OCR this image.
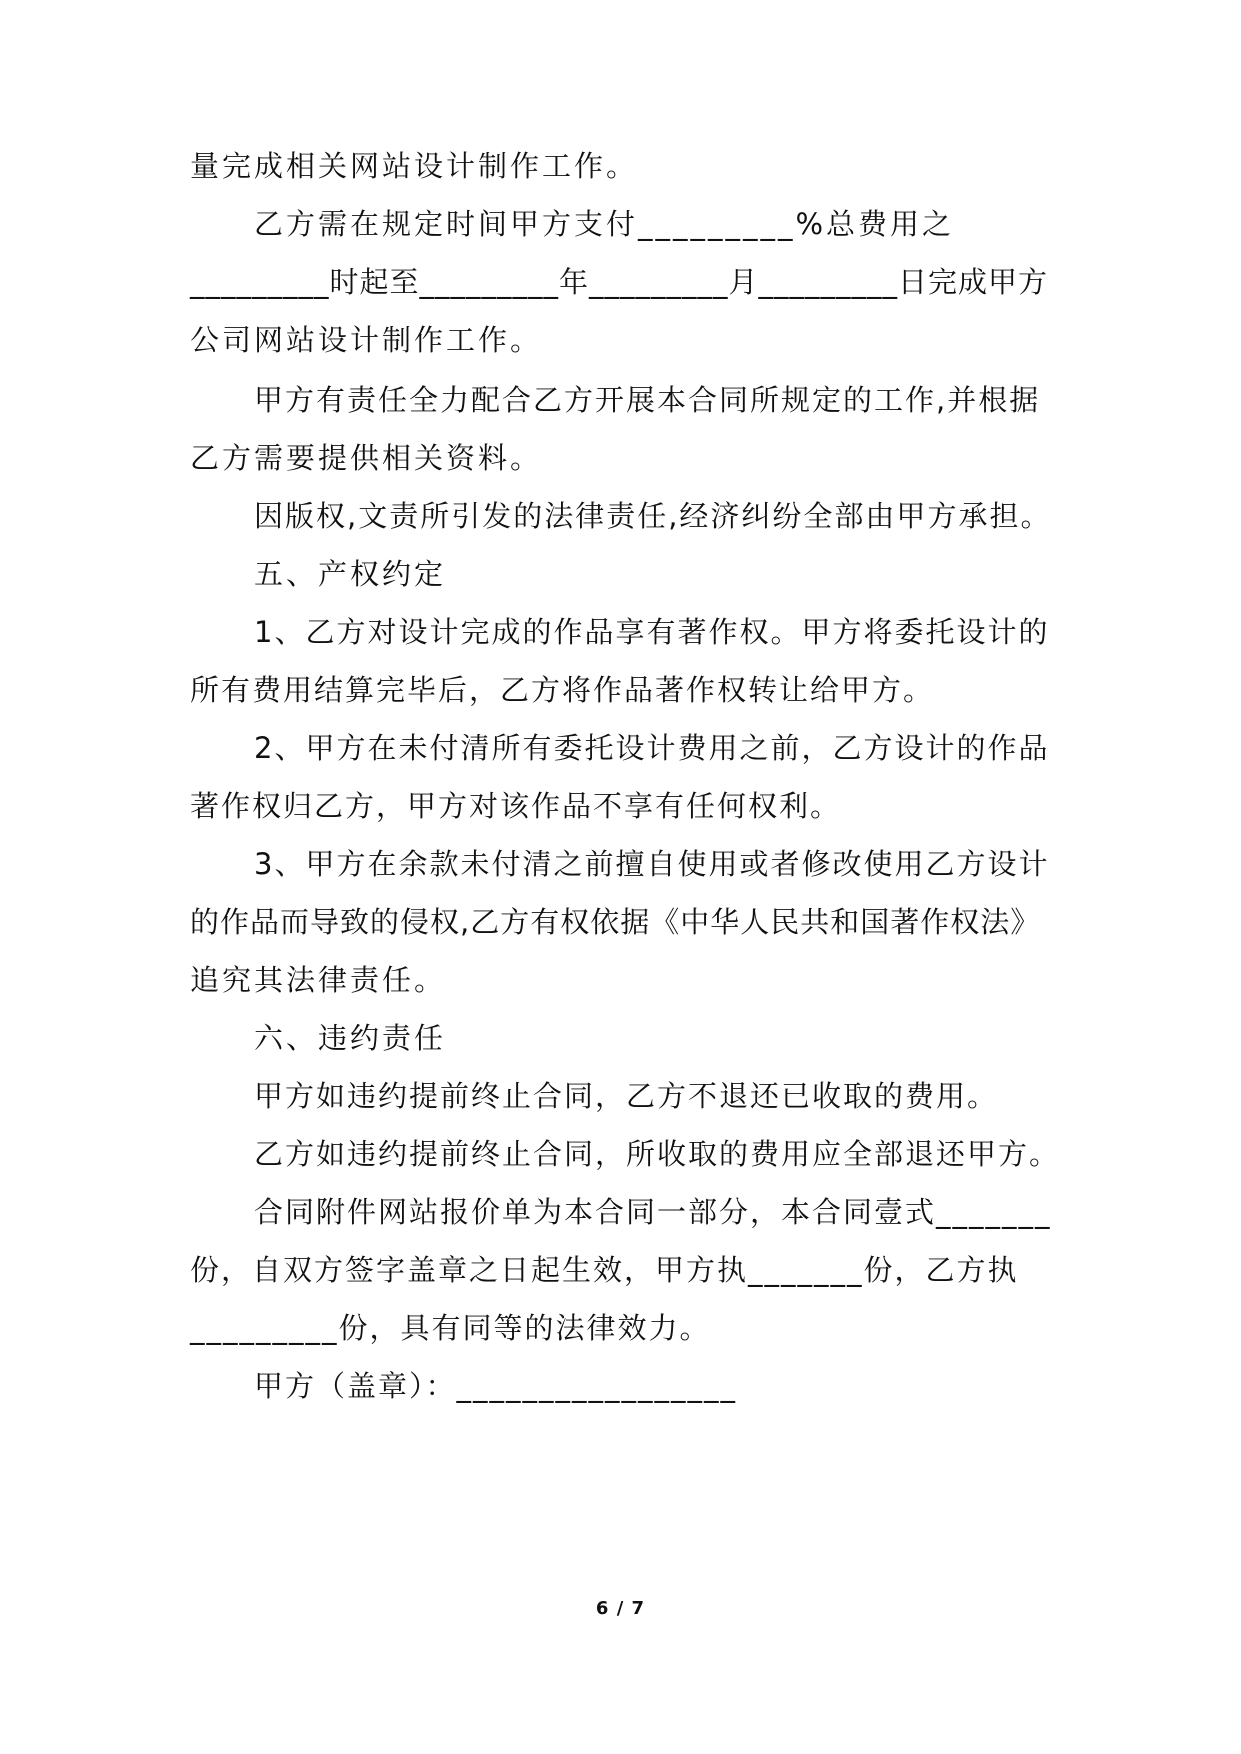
量完成相关网站设计制作工作。
乙方需在规定时间甲方支付_________%总费用之
_________时起至_________年_________月_________日完成甲方
公司网站设计制作工作。
甲方有责任全力配合乙方开展本合同所规定的工作,并根据
乙方需要提供相关资料。
因版权,文责所引发的法律责任,经济纠纷全部由甲方承担。
五、产权约定
1、乙方对设计完成的作品享有著作权。甲方将委托设计的
所有费用结算完毕后，乙方将作品著作权转让给甲方。
2、甲方在未付清所有委托设计费用之前，乙方设计的作品
著作权归乙方，甲方对该作品不享有任何权利。
3、甲方在余款未付清之前擅自使用或者修改使用乙方设计
的作品而导致的侵权,乙方有权依据《中华人民共和国著作权法》
追究其法律责任。
六、违约责任
甲方如违约提前终止合同，乙方不退还已收取的费用。
乙方如违约提前终止合同，所收取的费用应全部退还甲方。
合同附件网站报价单为本合同一部分，本合同壹式_______
份，自双方签字盖章之日起生效，甲方执_______份，乙方执
_________份，具有同等的法律效力。
甲方（盖章）：_________________
6 / 7
